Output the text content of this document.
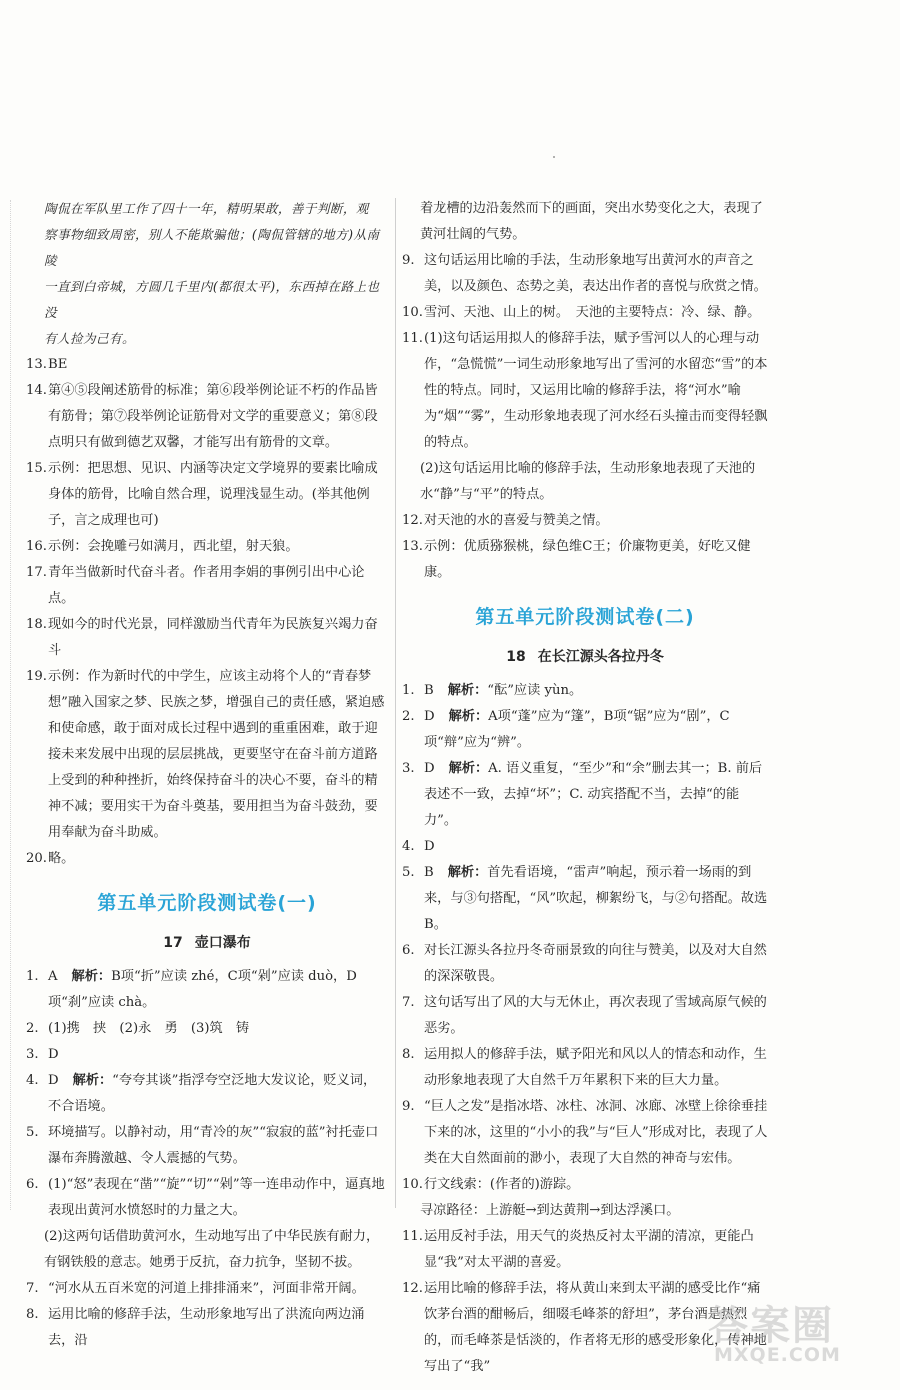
陶侃在军队里工作了四十一年，精明果敢，善于判断，观
察事物细致周密，别人不能欺骗他；(陶侃管辖的地方)从南陵
一直到白帝城，方圆几千里内(都很太平)，东西掉在路上也没
有人捡为己有。
13. BE
14. 第④⑤段阐述筋骨的标准；第⑥段举例论证不朽的作品皆有筋骨；第⑦段举例论证筋骨对文学的重要意义；第⑧段点明只有做到德艺双馨，才能写出有筋骨的文章。
15. 示例：把思想、见识、内涵等决定文学境界的要素比喻成身体的筋骨，比喻自然合理，说理浅显生动。(举其他例子，言之成理也可)
16. 示例：会挽雕弓如满月，西北望，射天狼。
17. 青年当做新时代奋斗者。作者用李娟的事例引出中心论点。
18. 现如今的时代光景，同样激励当代青年为民族复兴竭力奋斗
19. 示例：作为新时代的中学生，应该主动将个人的“青春梦想”融入国家之梦、民族之梦，增强自己的责任感，紧迫感和使命感，敢于面对成长过程中遇到的重重困难，敢于迎接未来发展中出现的层层挑战，更要坚守在奋斗前方道路上受到的种种挫折，始终保持奋斗的决心不要，奋斗的精神不减；要用实干为奋斗奠基，要用担当为奋斗鼓劲，要用奉献为奋斗助威。
20. 略。
第五单元阶段测试卷(一)
17 壶口瀑布
1. A 解析：B项“折”应读 zhé，C项“剁”应读 duò，D项“刹”应读 chà。
2. (1)携　挟　(2)永　勇　(3)筑　铸
3. D
4. D 解析：“夸夸其谈”指浮夸空泛地大发议论，贬义词，不合语境。
5. 环境描写。以静衬动，用“青冷的灰”“寂寂的蓝”衬托壶口瀑布奔腾激越、令人震撼的气势。
6. (1)“怒”表现在“凿”“旋”“切”“剁”等一连串动作中，逼真地表现出黄河水愤怒时的力量之大。
(2)这两句话借助黄河水，生动地写出了中华民族有耐力，有钢铁般的意志。她勇于反抗，奋力抗争，坚韧不拔。
7. “河水从五百米宽的河道上排排涌来”，河面非常开阔。
8. 运用比喻的修辞手法，生动形象地写出了洪流向两边涌去，沿
着龙槽的边沿轰然而下的画面，突出水势变化之大，表现了黄河壮阔的气势。
9. 这句话运用比喻的手法，生动形象地写出黄河水的声音之美，以及颜色、态势之美，表达出作者的喜悦与欣赏之情。
10. 雪河、天池、山上的树。　天池的主要特点：冷、绿、静。
11. (1)这句话运用拟人的修辞手法，赋予雪河以人的心理与动作，“急慌慌”一词生动形象地写出了雪河的水留恋“雪”的本性的特点。同时，又运用比喻的修辞手法，将“河水”喻为“烟”“雾”，生动形象地表现了河水经石头撞击而变得轻飘的特点。
(2)这句话运用比喻的修辞手法，生动形象地表现了天池的水“静”与“平”的特点。
12. 对天池的水的喜爱与赞美之情。
13. 示例：优质猕猴桃，绿色维C王；价廉物更美，好吃又健康。
第五单元阶段测试卷(二)
18 在长江源头各拉丹冬
1. B 解析：“酝”应读 yùn。
2. D 解析：A项“蓬”应为“篷”，B项“锯”应为“剧”，C项“辩”应为“辨”。
3. D 解析：A. 语义重复，“至少”和“余”删去其一；B. 前后表述不一致，去掉“坏”；C. 动宾搭配不当，去掉“的能力”。
4. D
5. B 解析：首先看语境，“雷声”响起，预示着一场雨的到来，与③句搭配，“风”吹起，柳絮纷飞，与②句搭配。故选 B。
6. 对长江源头各拉丹冬奇丽景致的向往与赞美，以及对大自然的深深敬畏。
7. 这句话写出了风的大与无休止，再次表现了雪域高原气候的恶劣。
8. 运用拟人的修辞手法，赋予阳光和风以人的情态和动作，生动形象地表现了大自然千万年累积下来的巨大力量。
9. “巨人之发”是指冰塔、冰柱、冰洞、冰廊、冰壁上徐徐垂挂下来的冰，这里的“小小的我”与“巨人”形成对比，表现了人类在大自然面前的渺小，表现了大自然的神奇与宏伟。
10. 行文线索：(作者的)游踪。
寻凉路径：上游艇→到达黄荆→到达浮溪口。
11. 运用反衬手法，用天气的炎热反衬太平湖的清凉，更能凸显“我”对太平湖的喜爱。
12. 运用比喻的修辞手法，将从黄山来到太平湖的感受比作“痛饮茅台酒的酣畅后，细啜毛峰茶的舒坦”，茅台酒是热烈的，而毛峰茶是恬淡的，作者将无形的感受形象化，传神地写出了“我”
答案圈
MXQE.COM
